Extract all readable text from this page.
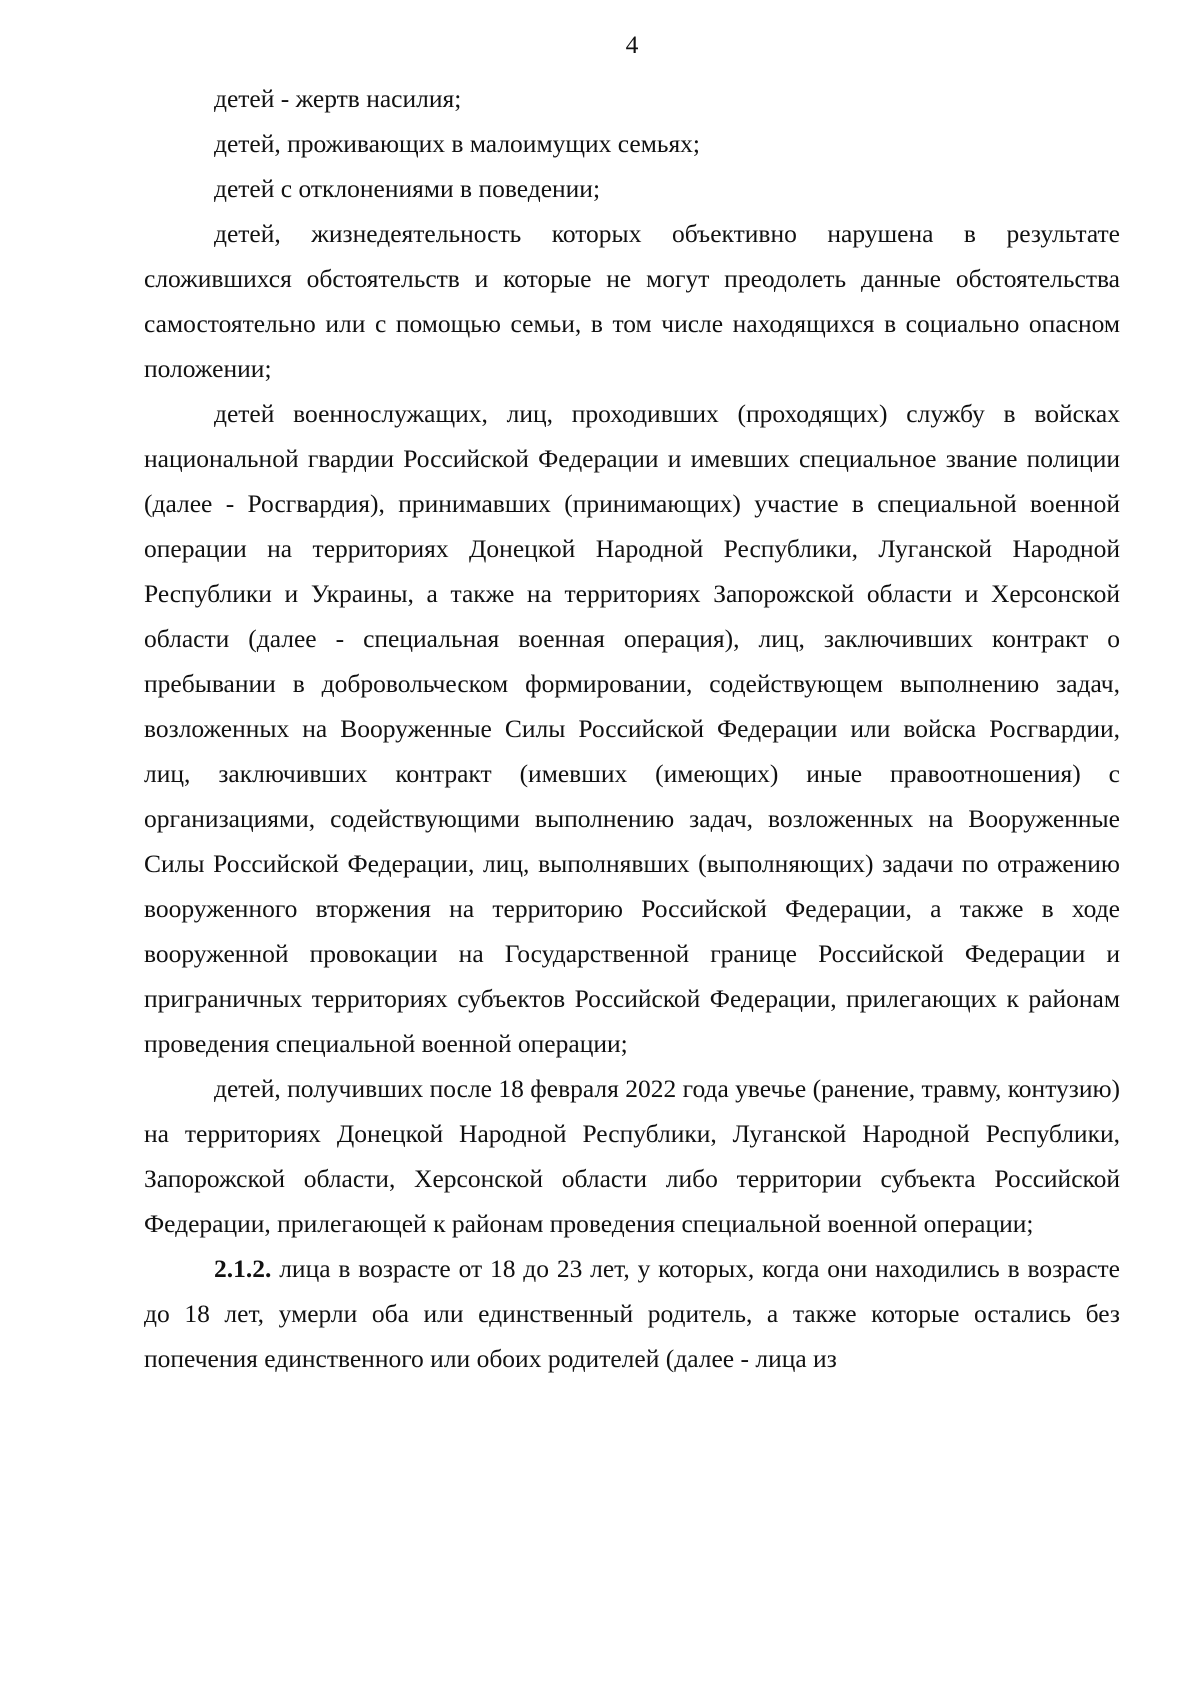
4

детей - жертв насилия;

детей, проживающих в малоимущих семьях;

детей с отклонениями в поведении;

детей, жизнедеятельность которых объективно нарушена в результате сложившихся обстоятельств и которые не могут преодолеть данные обстоятельства самостоятельно или с помощью семьи, в том числе находящихся в социально опасном положении;

детей военнослужащих, лиц, проходивших (проходящих) службу в войсках национальной гвардии Российской Федерации и имевших специальное звание полиции (далее - Росгвардия), принимавших (принимающих) участие в специальной военной операции на территориях Донецкой Народной Республики, Луганской Народной Республики и Украины, а также на территориях Запорожской области и Херсонской области (далее - специальная военная операция), лиц, заключивших контракт о пребывании в добровольческом формировании, содействующем выполнению задач, возложенных на Вооруженные Силы Российской Федерации или войска Росгвардии, лиц, заключивших контракт (имевших (имеющих) иные правоотношения) с организациями, содействующими выполнению задач, возложенных на Вооруженные Силы Российской Федерации, лиц, выполнявших (выполняющих) задачи по отражению вооруженного вторжения на территорию Российской Федерации, а также в ходе вооруженной провокации на Государственной границе Российской Федерации и приграничных территориях субъектов Российской Федерации, прилегающих к районам проведения специальной военной операции;

детей, получивших после 18 февраля 2022 года увечье (ранение, травму, контузию) на территориях Донецкой Народной Республики, Луганской Народной Республики, Запорожской области, Херсонской области либо территории субъекта Российской Федерации, прилегающей к районам проведения специальной военной операции;

2.1.2. лица в возрасте от 18 до 23 лет, у которых, когда они находились в возрасте до 18 лет, умерли оба или единственный родитель, а также которые остались без попечения единственного или обоих родителей (далее - лица из
